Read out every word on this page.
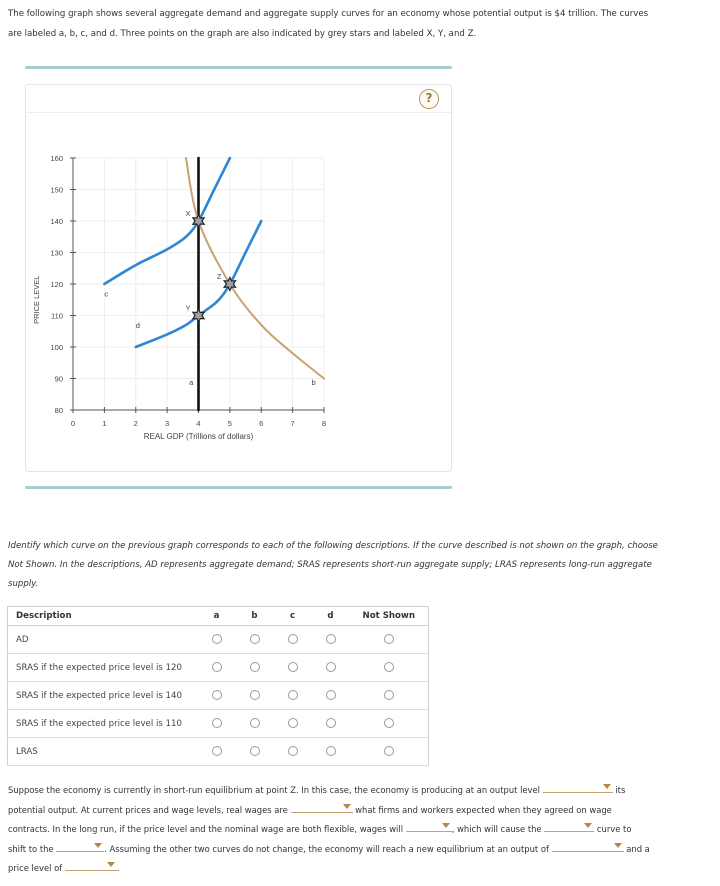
The following graph shows several aggregate demand and aggregate supply curves for an economy whose potential output is $4 trillion. The curves
are labeled a, b, c, and d. Three points on the graph are also indicated by grey stars and labeled X, Y, and Z.
?
0	1	2	3	4	5	6	7	8
80
90
100
110
120
130
140
150
160
REAL GDP (Trillions of dollars)
PRICE LEVEL
a	b
c
d
X
Y
Z
Identify which curve on the previous graph corresponds to each of the following descriptions. If the curve described is not shown on the graph, choose
Not Shown. In the descriptions, AD represents aggregate demand; SRAS represents short-run aggregate supply; LRAS represents long-run aggregate
supply.
Description	a	b	c	d	Not Shown
AD					
SRAS if the expected price level is 120					
SRAS if the expected price level is 140					
SRAS if the expected price level is 110					
LRAS					
Suppose the economy is currently in short-run equilibrium at point Z. In this case, the economy is producing at an output level	its
potential output. At current prices and wage levels, real wages are	what firms and workers expected when they agreed on wage
contracts. In the long run, if the price level and the nominal wage are both flexible, wages will	, which will cause the	curve to
shift to the	. Assuming the other two curves do not change, the economy will reach a new equilibrium at an output of	and a
price level of	.
